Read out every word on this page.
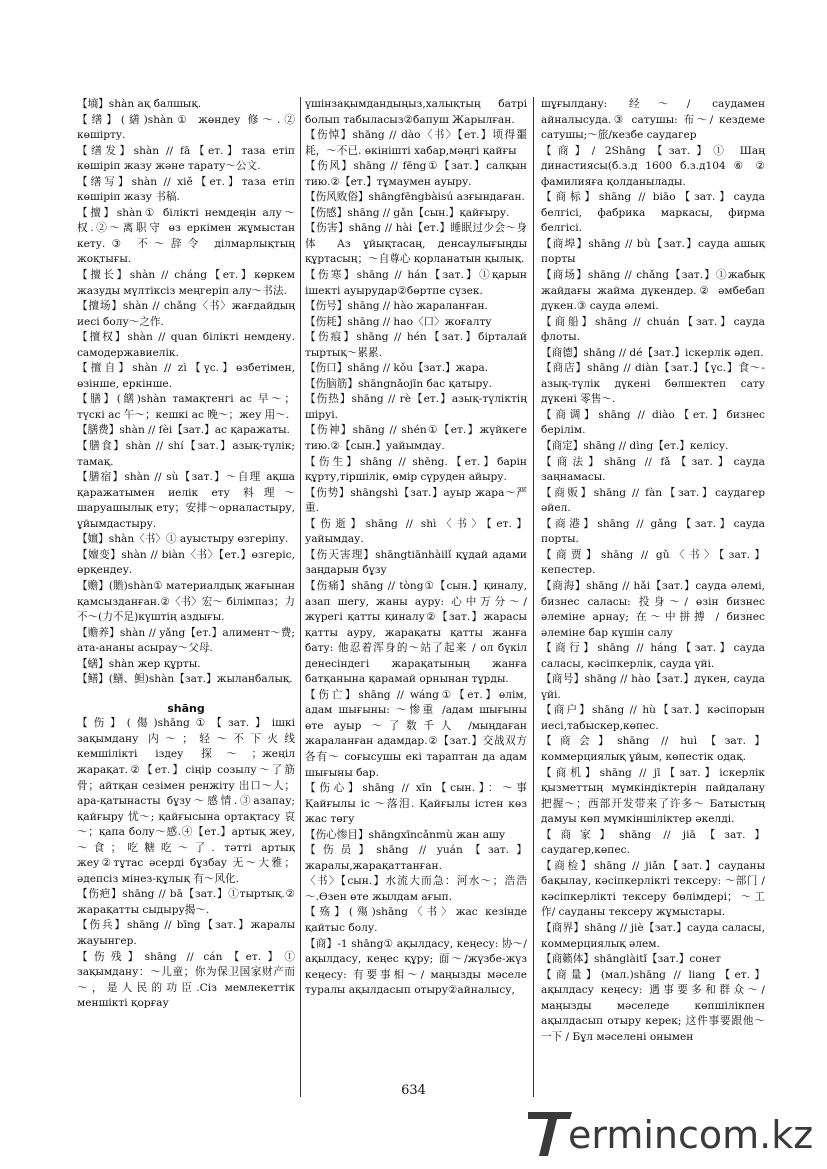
【墒】shàn ақ балшық.

【缮】(繕)shàn① жөндеу 修～.② көшірту.

【缮发】shàn // fā【ет.】таза етіп көшіріп жазу және тарату～公文.

【缮写】shàn // xiě【ет.】таза етіп көшіріп жазу 书稿.

【擅】shàn① білікті немдеңін алу～权.②～离职守 өз еркімен жұмыстан кету.③ 不～辞令 ділмарлықтың жоқтығы.

【擅长】shàn // cháng【ет.】көркем жазуды мүлтіксіз меңгеріп алу～书法.

【擅场】shàn // chǎng〈书〉жағдайдың иесі болу～之作.

【擅权】shàn // quan білікті немдену. самодержавиелік.

【擅自】shàn // zì【үс.】өзбетімен, өзінше, еркінше.

【膳】(饍)shàn тамақтенгі ас 早～；түскі ас 午～；кешкі ас 晚～；жеу 用～.

【膳费】shàn // fèi【зат.】ас қаражаты.

【膳食】shàn // shí【зат.】азық-түлік; тамақ.

【膳宿】shàn // sù【зат.】～自理 ақша қаражатымен иелік ету 料理～ шаруашылық ету；安排～орналастыру, ұйымдастыру.

【嬗】shàn〈书〉① ауыстыру өзгеріпу.

【嬗变】shàn // biàn〈书〉【ет.】өзгеріс, өрқендеу.

【赡】(贍)shàn① материалдық жағынан қамсызданған.②〈书〉宏～ білімпаз；力不～(力不足)күштің аздығы.

【赡养】shàn // yǎng【ет.】алимент～费; ата-ананы асырау～父母.

【蟮】shàn жер құрты.

【鳝】(鱔、䱇)shàn【зат.】жыланбалық.

shāng

【伤】(傷)shāng①【зат.】ішкі зақымдану 内～；轻～不下火线 кемшілікті іздеу 探～；жеңіл жарақат.②【ет.】сіңір созылу～了筋骨；айтқан сезімен ренжіту 出口～人；ара-қатынасты бұзу～感情.③азапау; қайғыру 忧～; қайғысына ортақтасу 哀～；қапа болу～感.④【ет.】артық жеу,～食；吃糖吃～了. тәтті артық жеу②тұтас әсерді бұзбау 无～大雅；әдепсіз мінез-құлық 有～风化.

【伤疤】shāng // bā【зат.】①тыртық.② жарақатты сыдыру揭～.

【伤兵】shāng // bīng【зат.】жаралы жауынгер.

【伤残】shāng // cán【ет.】① зақымдану：～儿童；你为保卫国家财产而～，是人民的功臣.Сіз мемлекеттік меншікті қорғау

үшінзақымдандыңыз,халықтың батрі болып табыласыз②бапуш Жарылған.

【伤悼】shāng // dào〈书〉【ет.】顷得噩耗，～不已. өкінішті хабар,мәңгі қайғы

【伤风】shāng // fēng①【зат.】салқын тию.②【ет.】тұмаумен ауыру.

【伤风败俗】shāngfēngbàisú азғындаған.

【伤感】shāng // gǎn【сын.】қайғыру.

【伤害】shāng // hài【ет.】睡眠过少会～身体 Аз ұйықтасаң, денсаулығыңды құртасың；～自尊心 қорланатын қылық.

【伤寒】shāng // hán【зат.】①қарын ішекті ауырудар②бөртпе сүзек.

【伤号】shāng // hào жараланған.

【伤耗】shāng // hao〈口〉жоғалту

【伤痕】shāng // hén【зат.】бірталай тыртық～累累.

【伤口】shāng // kǒu【зат.】жара.

【伤脑筋】shāngnǎojīn бас қатыру.

【伤热】shāng // rè【ет.】азық-түліктің шіруі.

【伤神】shāng // shén①【ет.】жүйкеге тию.②【сын.】уайымдау.

【伤生】shāng // shēng.【ет.】барін құрту,тіршілік, өмір сүруден айыру.

【伤势】shāngshì【зат.】ауыр жара～严重.

【伤逝】shāng // shì〈书〉【ет.】уайымдау.

【伤天害理】shāngtiānhàilǐ құдай адами заңдарын бұзу

【伤痛】shāng // tòng①【сын.】қиналу, азап шегу, жаны ауру: 心中万分～/ жүрегі қатты қиналу②【зат.】жарасы қатты ауру, жарақаты қатты жанға бату: 他忍着浑身的～站了起来 / ол бүкіл денесіндегі жарақатының жанға батқанына қарамай орнынан тұрды.

【伤亡】shāng // wáng①【ет.】өлім, адам шығыны: ～惨重 /адам шығыны өте ауыр ～了数千人 /мыңдаған жараланған адамдар.②【зат.】交战双方各有～ соғысушы екі тараптан да адам шығыны бар.

【伤心】shāng // xīn【сын.】：～事 Қайғылы іс ～落泪. Қайғылы істен көз жас төгу

【伤心惨目】shāngxīncǎnmù жан ашу

【伤员】shāng // yuán【зат.】жаралы,жарақаттанған.

〈书〉【сын.】水流大而急：河水～；浩浩～.Өзен өте жылдам ағып.

【殇】(殤)shāng〈书〉жас кезінде қайтыс болу.

【商】-1 shāng① ақылдасу, кеңесу: 协～/ақылдасу, кеңес құру; 面～/жүзбе-жүз кеңесу: 有要事相～/ маңызды мәселе туралы ақылдасып отыру②айналысу,

шұғылдану: 经～/ саудамен айналысуда.③ сатушы: 布～/ кездеме сатушы;～旅/кезбе саудагер

【商】/ 2Shāng【зат.】① Шаң династиясы(б.з.д 1600 б.з.д104 ⑥ ② фамилияға қолданылады.

【商标】shāng // biāo【зат.】сауда белгісі, фабрика маркасы, фирма белгісі.

【商埠】shāng // bù【зат.】сауда ашық порты

【商场】shāng // chǎng【зат.】①жабық жайдағы жайма дүкендер.② әмбебап дүкен.③ сауда әлемі.

【商船】shāng // chuán【зат.】сауда флоты.

【商德】shāng // dé【зат.】іскерлік әдеп.

【商店】shāng // diàn【зат.】【үс.】食～-азық-түлік дүкені бөлшектеп сату дүкені 零售～.

【商调】shāng // diào【ет.】бизнес берілім.

【商定】shāng // dìng【ет.】келісу.

【商法】shāng // fǎ【зат.】сауда заңнамасы.

【商贩】shāng // fàn【зат.】саудагер әйел.

【商港】shāng // gǎng【зат.】сауда порты.

【商贾】shāng // gǔ〈书〉【зат.】кепестер.

【商海】shāng // hǎi【зат.】сауда әлемі, бизнес саласы: 投身～/ өзін бизнес әлеміне арнау; 在～中拼搏 / бизнес әлеміне бар күшін салу

【商行】shāng // háng【зат.】сауда саласы, кәсіпкерлік, сауда үйі.

【商号】shāng // hào【зат.】дүкен, сауда үйі.

【商户】shāng // hù【зат.】кәсіпорын иесі,табыскер,көпес.

【商会】shāng // huì【зат.】коммерциялық ұйым, көпестік одақ.

【商机】shāng // jī【зат.】іскерлік қызметтың мүмкіндіктерін пайдалану 把握～；西部开发带来了许多～ Батыстың дамуы көп мүмкіншіліктер әкелді.

【商家】shāng // jiā【зат.】саудагер,көпес.

【商检】shāng // jiǎn【зат.】сауданы бақылау, кәсіпкерлікті тексеру: ～部门 /кәсіпкерлікті тексеру бөлімдері；～工作/ сауданы тексеру жұмыстары.

【商界】shāng // jiè【зат.】сауда саласы, коммерциялық әлем.

【商籁体】shānglàitǐ【зат.】сонет

【商量】(мал.)shāng // liang【ет.】ақылдасу кеңесу: 遇事要多和群众～/ маңызды мәселеде көпшілікпен ақылдасып отыру керек; 这件事要跟他～一下 / Бұл мәселені онымен

634
ermincom.kz
